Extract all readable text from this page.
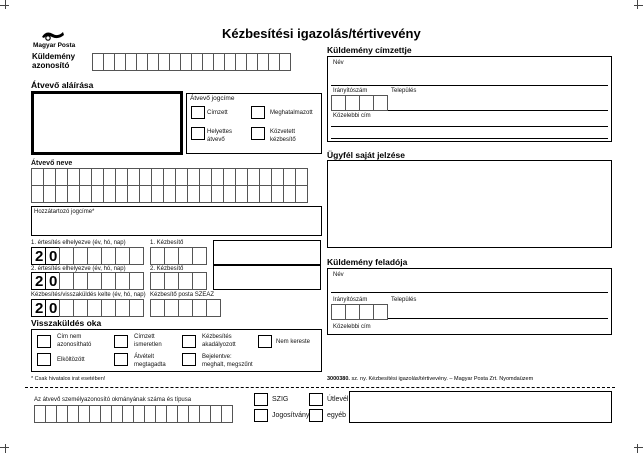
Kézbesítési igazolás/tértivevény
Magyar Posta
Küldemény
azonosító
Átvevő aláírása
Átvevő jogcíme
Címzett	Meghatalmazott
Helyettes
átvevő
Közvetett
kézbesítő
Átvevő neve
Hozzátartozó jogcíme*
1. értesítés elhelyezve (év, hó, nap)	1. Kézbesítő
2 0
2. értesítés elhelyezve (év, hó, nap)	2. Kézbesítő
2 0
Kézbesítés/visszaküldés kelte (év, hó, nap) Kézbesítő posta SZEAZ
2 0
Visszaküldés oka
Cím nem
azonosítható
Címzett
ismeretlen
Kézbesítés
akadályozott	Nem kereste
Elköltözött	Átvételt
megtagadta
Bejelentve:
meghalt, megszűnt
* Csak hivatalos irat esetében!
Küldemény címzettje
Név
Irányítószám	Település
Közelebbi cím
Ügyfél saját jelzése
Küldemény feladója
Név
Irányítószám	Település
Közelebbi cím
3000380. sz. ny. Kézbesítési igazolás/tértivevény. – Magyar Posta Zrt. Nyomdaüzem
Az átvevő személyazonosító okmányának száma és típusa	SZIG	Útlevél
Jogosítvány	egyéb
